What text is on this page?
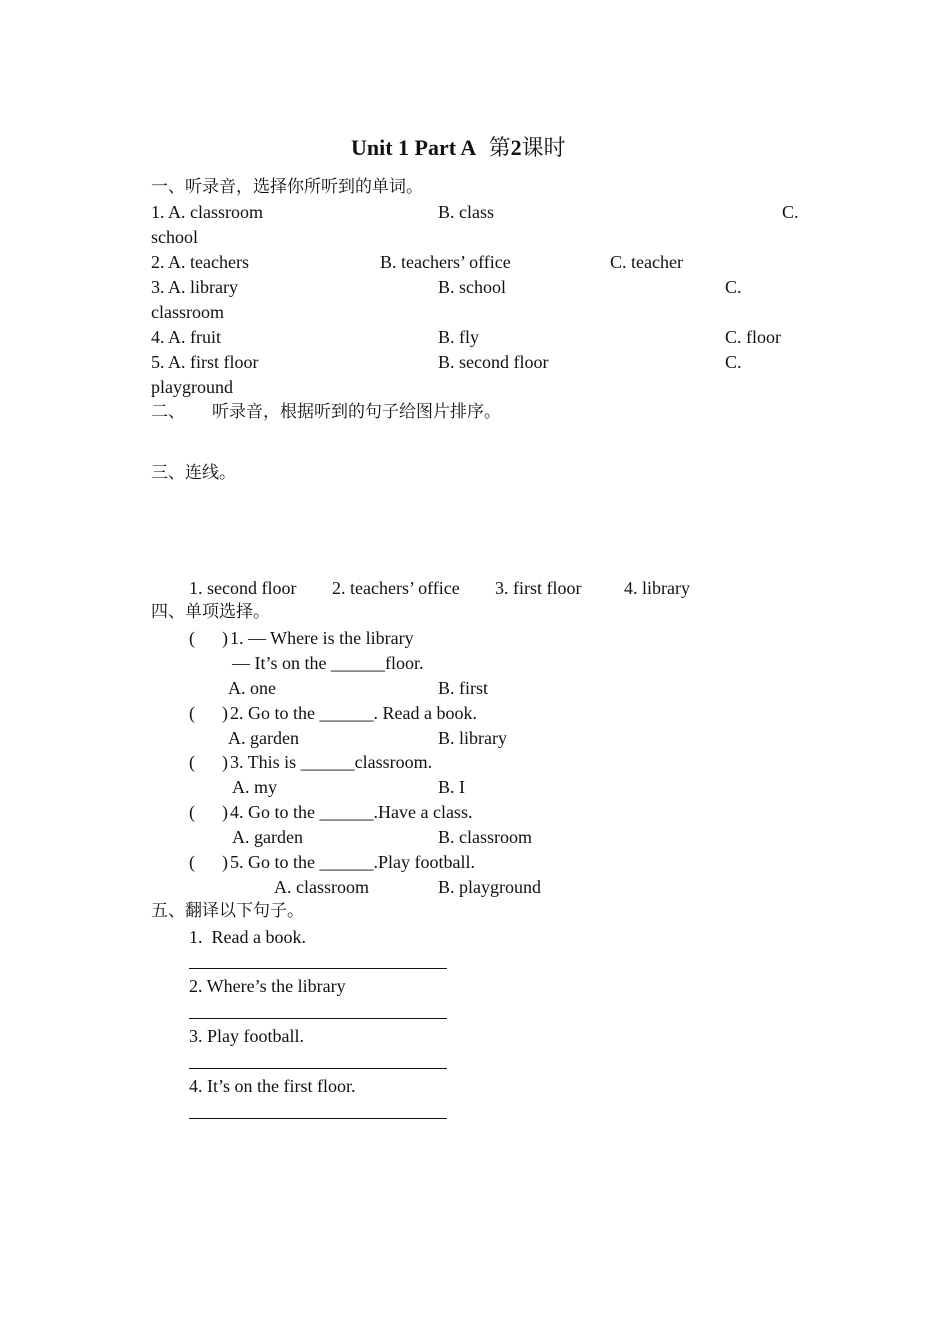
Unit 1 Part A 第2课时
一、听录音，选择你所听到的单词。
1. A. classroom	B. class	C.
school
2. A. teachers	B. teachers’ office	C. teacher
3. A. library	B. school	C.
classroom
4. A. fruit	B. fly	C. floor
5. A. first floor	B. second floor	C.
playground
二、     听录音，根据听到的句子给图片排序。
三、连线。
1. second floor 2. teachers’ office 3. first floor 4. library
四、单项选择。
(      ) 1. — Where is the library
— It’s on the ______floor.
A. one	B. first
(      ) 2. Go to the ______. Read a book.
A. garden	B. library
(      ) 3. This is ______classroom.
A. my	B. I
(      ) 4. Go to the ______.Have a class.
A. garden	B. classroom
(      ) 5. Go to the ______.Play football.
A. classroom	B. playground
五、翻译以下句子。
1.  Read a book.
2. Where’s the library
3. Play football.
4. It’s on the first floor.
